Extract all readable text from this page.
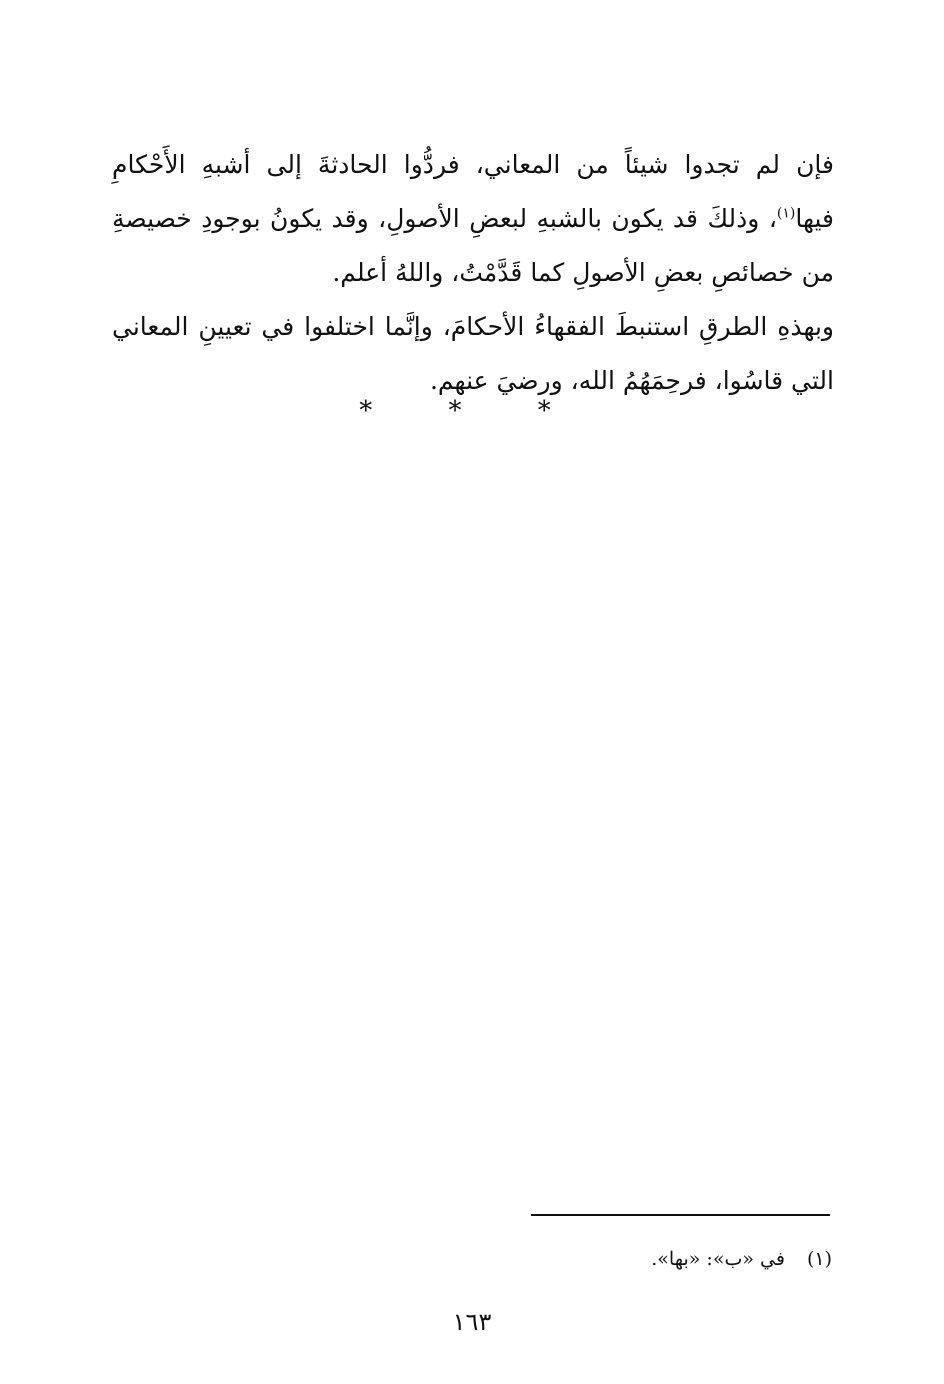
فإن لم تجدوا شيئاً من المعاني، فردُّوا الحادثةَ إلى أشبهِ الأَحْكامِ
فيها$^{(١)}$، وذلكَ قد يكون بالشبهِ لبعضِ الأصولِ، وقد يكونُ بوجودِ خصيصةِ
من خصائصِ بعضِ الأصولِ كما قَدَّمْتُ، واللهُ أعلم.

وبهذهِ الطرقِ استنبطَ الفقهاءُ الأحكامَ، وإنَّما اختلفوا في تعيينِ المعاني
التي قاسُوا، فرحِمَهُمُ الله، ورضيَ عنهم.

* * *
(١)في «ب»: «بها».
١٦٣
